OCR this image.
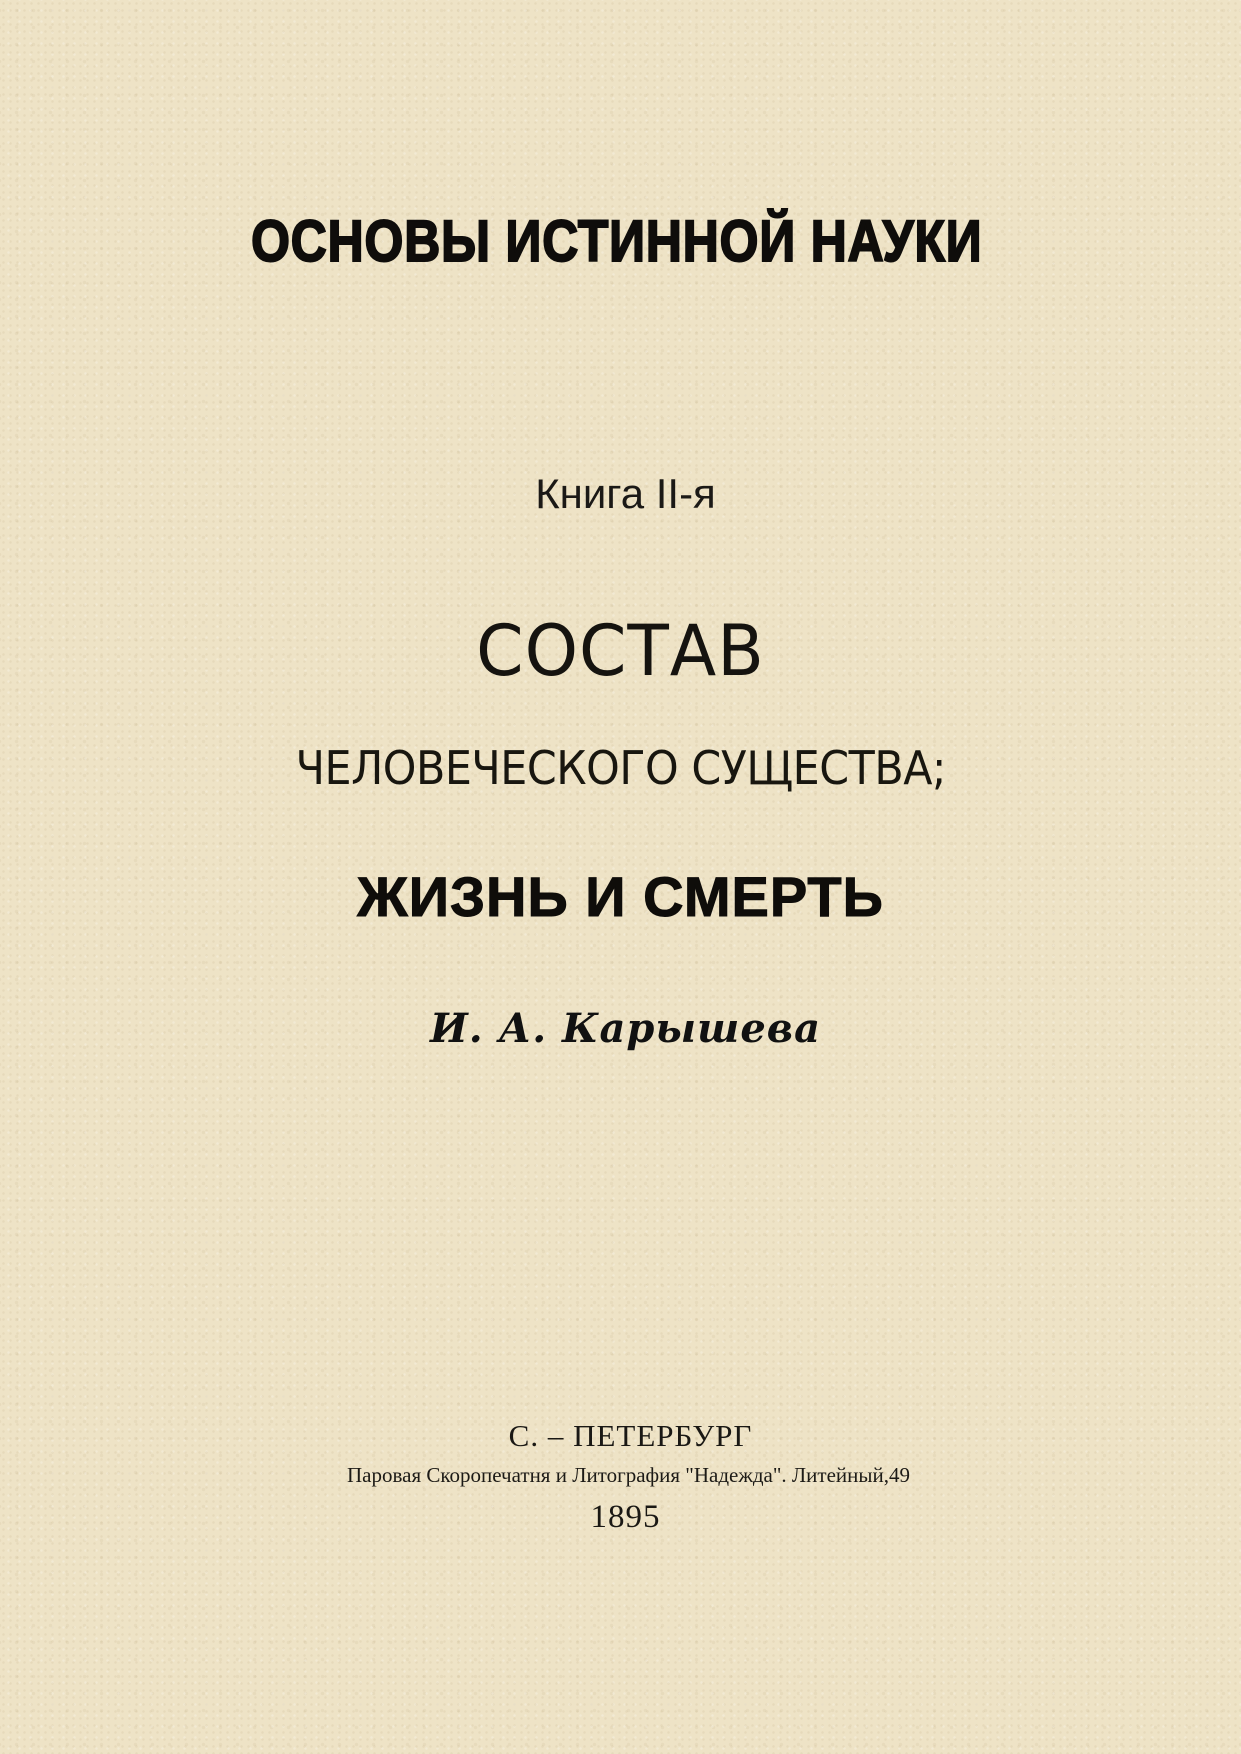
ОСНОВЫ ИСТИННОЙ НАУКИ
Книга II-я
СОСТАВ
ЧЕЛОВЕЧЕСКОГО СУЩЕСТВА;
ЖИЗНЬ И СМЕРТЬ
И. А. Карышева
С. – ПЕТЕРБУРГ
Паровая Скоропечатня и Литография "Надежда". Литейный,49
1895
